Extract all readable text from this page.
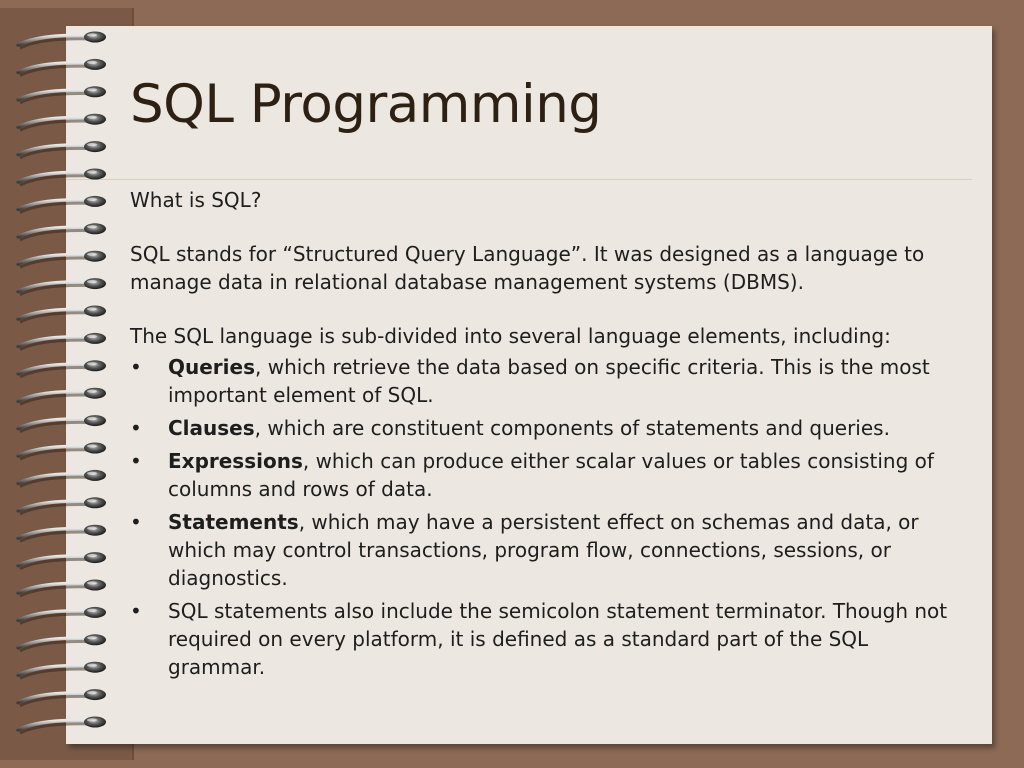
SQL Programming

What is SQL?

SQL stands for “Structured Query Language”. It was designed as a language to manage data in relational database management systems (DBMS).

The SQL language is sub-divided into several language elements, including:

• Queries, which retrieve the data based on specific criteria. This is the most important element of SQL.
• Clauses, which are constituent components of statements and queries.
• Expressions, which can produce either scalar values or tables consisting of columns and rows of data.
• Statements, which may have a persistent effect on schemas and data, or which may control transactions, program flow, connections, sessions, or diagnostics.
• SQL statements also include the semicolon statement terminator. Though not required on every platform, it is defined as a standard part of the SQL grammar.
